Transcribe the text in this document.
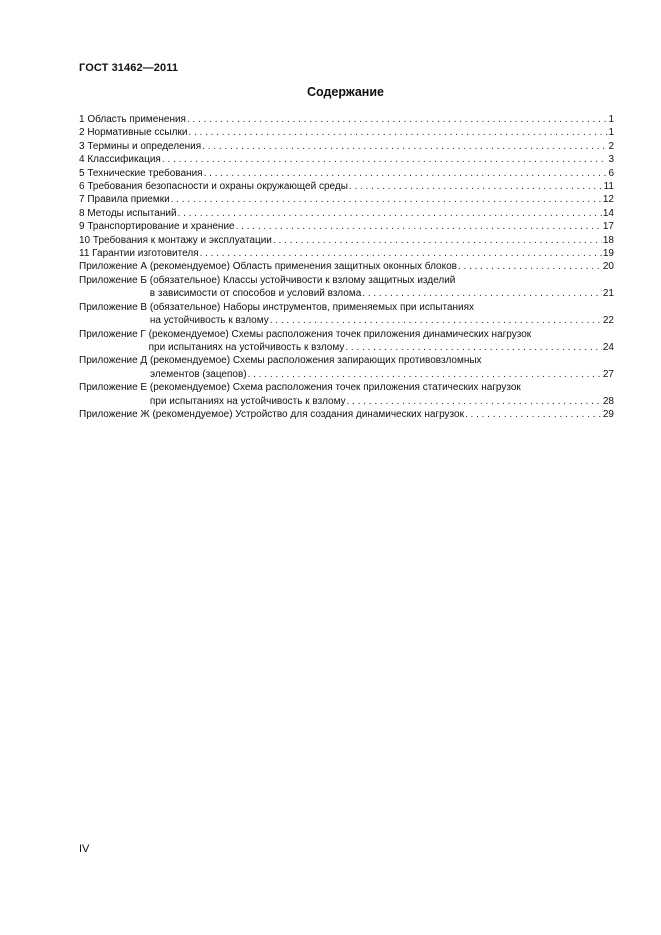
ГОСТ 31462—2011
Содержание
1 Область применения . . .	1
2 Нормативные ссылки . . .	1
3 Термины и определения . . .	2
4 Классификация . . .	3
5 Технические требования . . .	6
6 Требования безопасности и охраны окружающей среды . . .	11
7 Правила приемки . . .	12
8 Методы испытаний . . .	14
9 Транспортирование и хранение . . .	17
10 Требования к монтажу и эксплуатации . . .	18
11 Гарантии изготовителя . . .	19
Приложение А
(рекомендуемое) Область применения защитных оконных блоков . . .	20
Приложение Б
(обязательное) Классы устойчивости к взлому защитных изделий
в зависимости от способов и условий взлома . . .	21
Приложение В
(обязательное) Наборы инструментов, применяемых при испытаниях
на устойчивость к взлому . . .	22
Приложение Г
(рекомендуемое) Схемы расположения точек приложения динамических нагрузок
при испытаниях на устойчивость к взлому . . .	24
Приложение Д
(рекомендуемое) Схемы расположения запирающих противовзломных
элементов (зацепов) . . .	27
Приложение Е
(рекомендуемое) Схема расположения точек приложения статических нагрузок
при испытаниях на устойчивость к взлому . . .	28
Приложение Ж
(рекомендуемое) Устройство для создания динамических нагрузок . . .	29
IV
